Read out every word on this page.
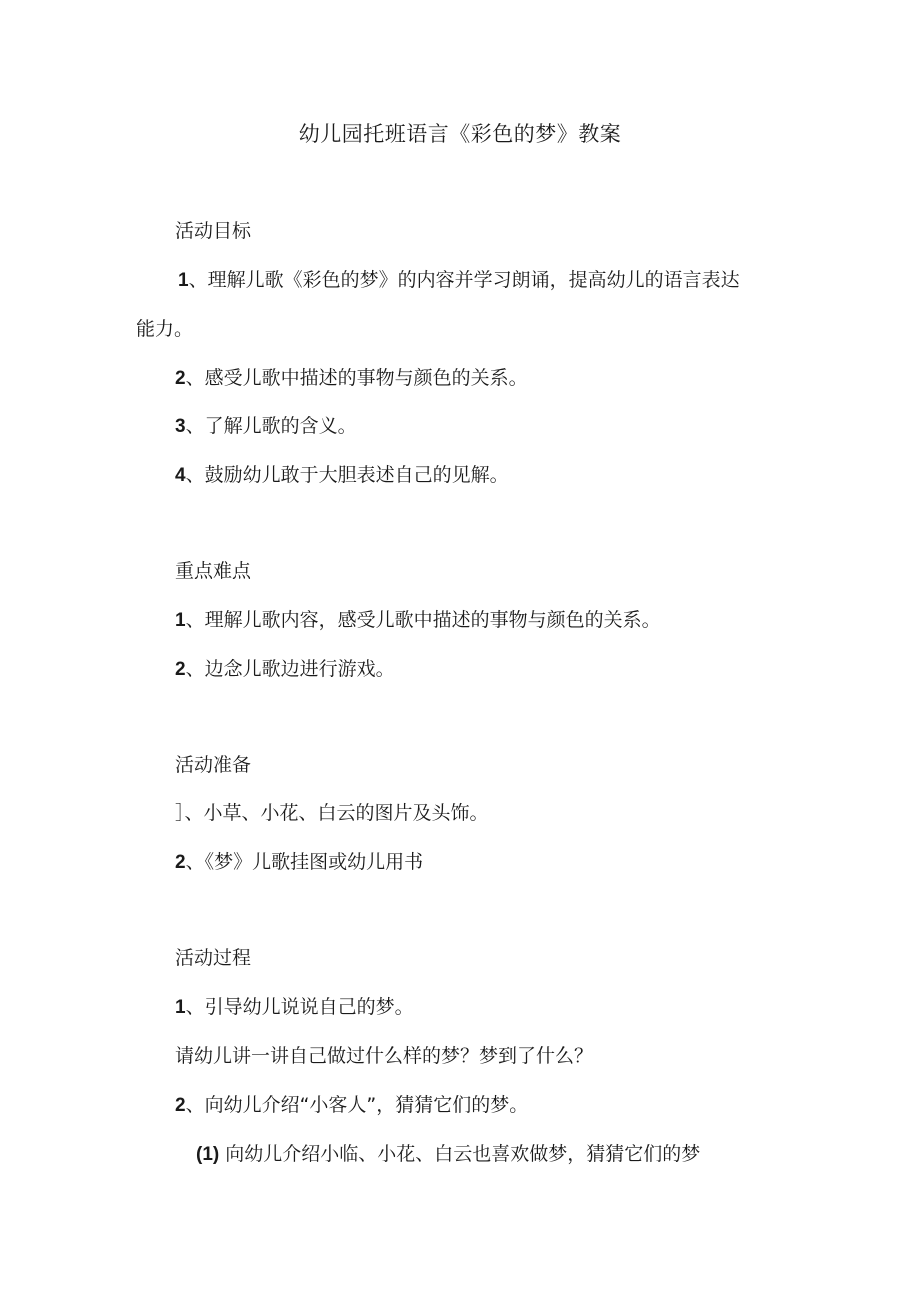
幼儿园托班语言《彩色的梦》教案
活动目标
1、理解儿歌《彩色的梦》的内容并学习朗诵，提高幼儿的语言表达
能力。
2、感受儿歌中描述的事物与颜色的关系。
3、了解儿歌的含义。
4、鼓励幼儿敢于大胆表述自己的见解。
重点难点
1、理解儿歌内容，感受儿歌中描述的事物与颜色的关系。
2、边念儿歌边进行游戏。
活动准备
］、小草、小花、白云的图片及头饰。
2、《梦》儿歌挂图或幼儿用书
活动过程
1、引导幼儿说说自己的梦。
请幼儿讲一讲自己做过什么样的梦？梦到了什么？
2、向幼儿介绍“小客人”，猜猜它们的梦。
(1) 向幼儿介绍小临、小花、白云也喜欢做梦，猜猜它们的梦
